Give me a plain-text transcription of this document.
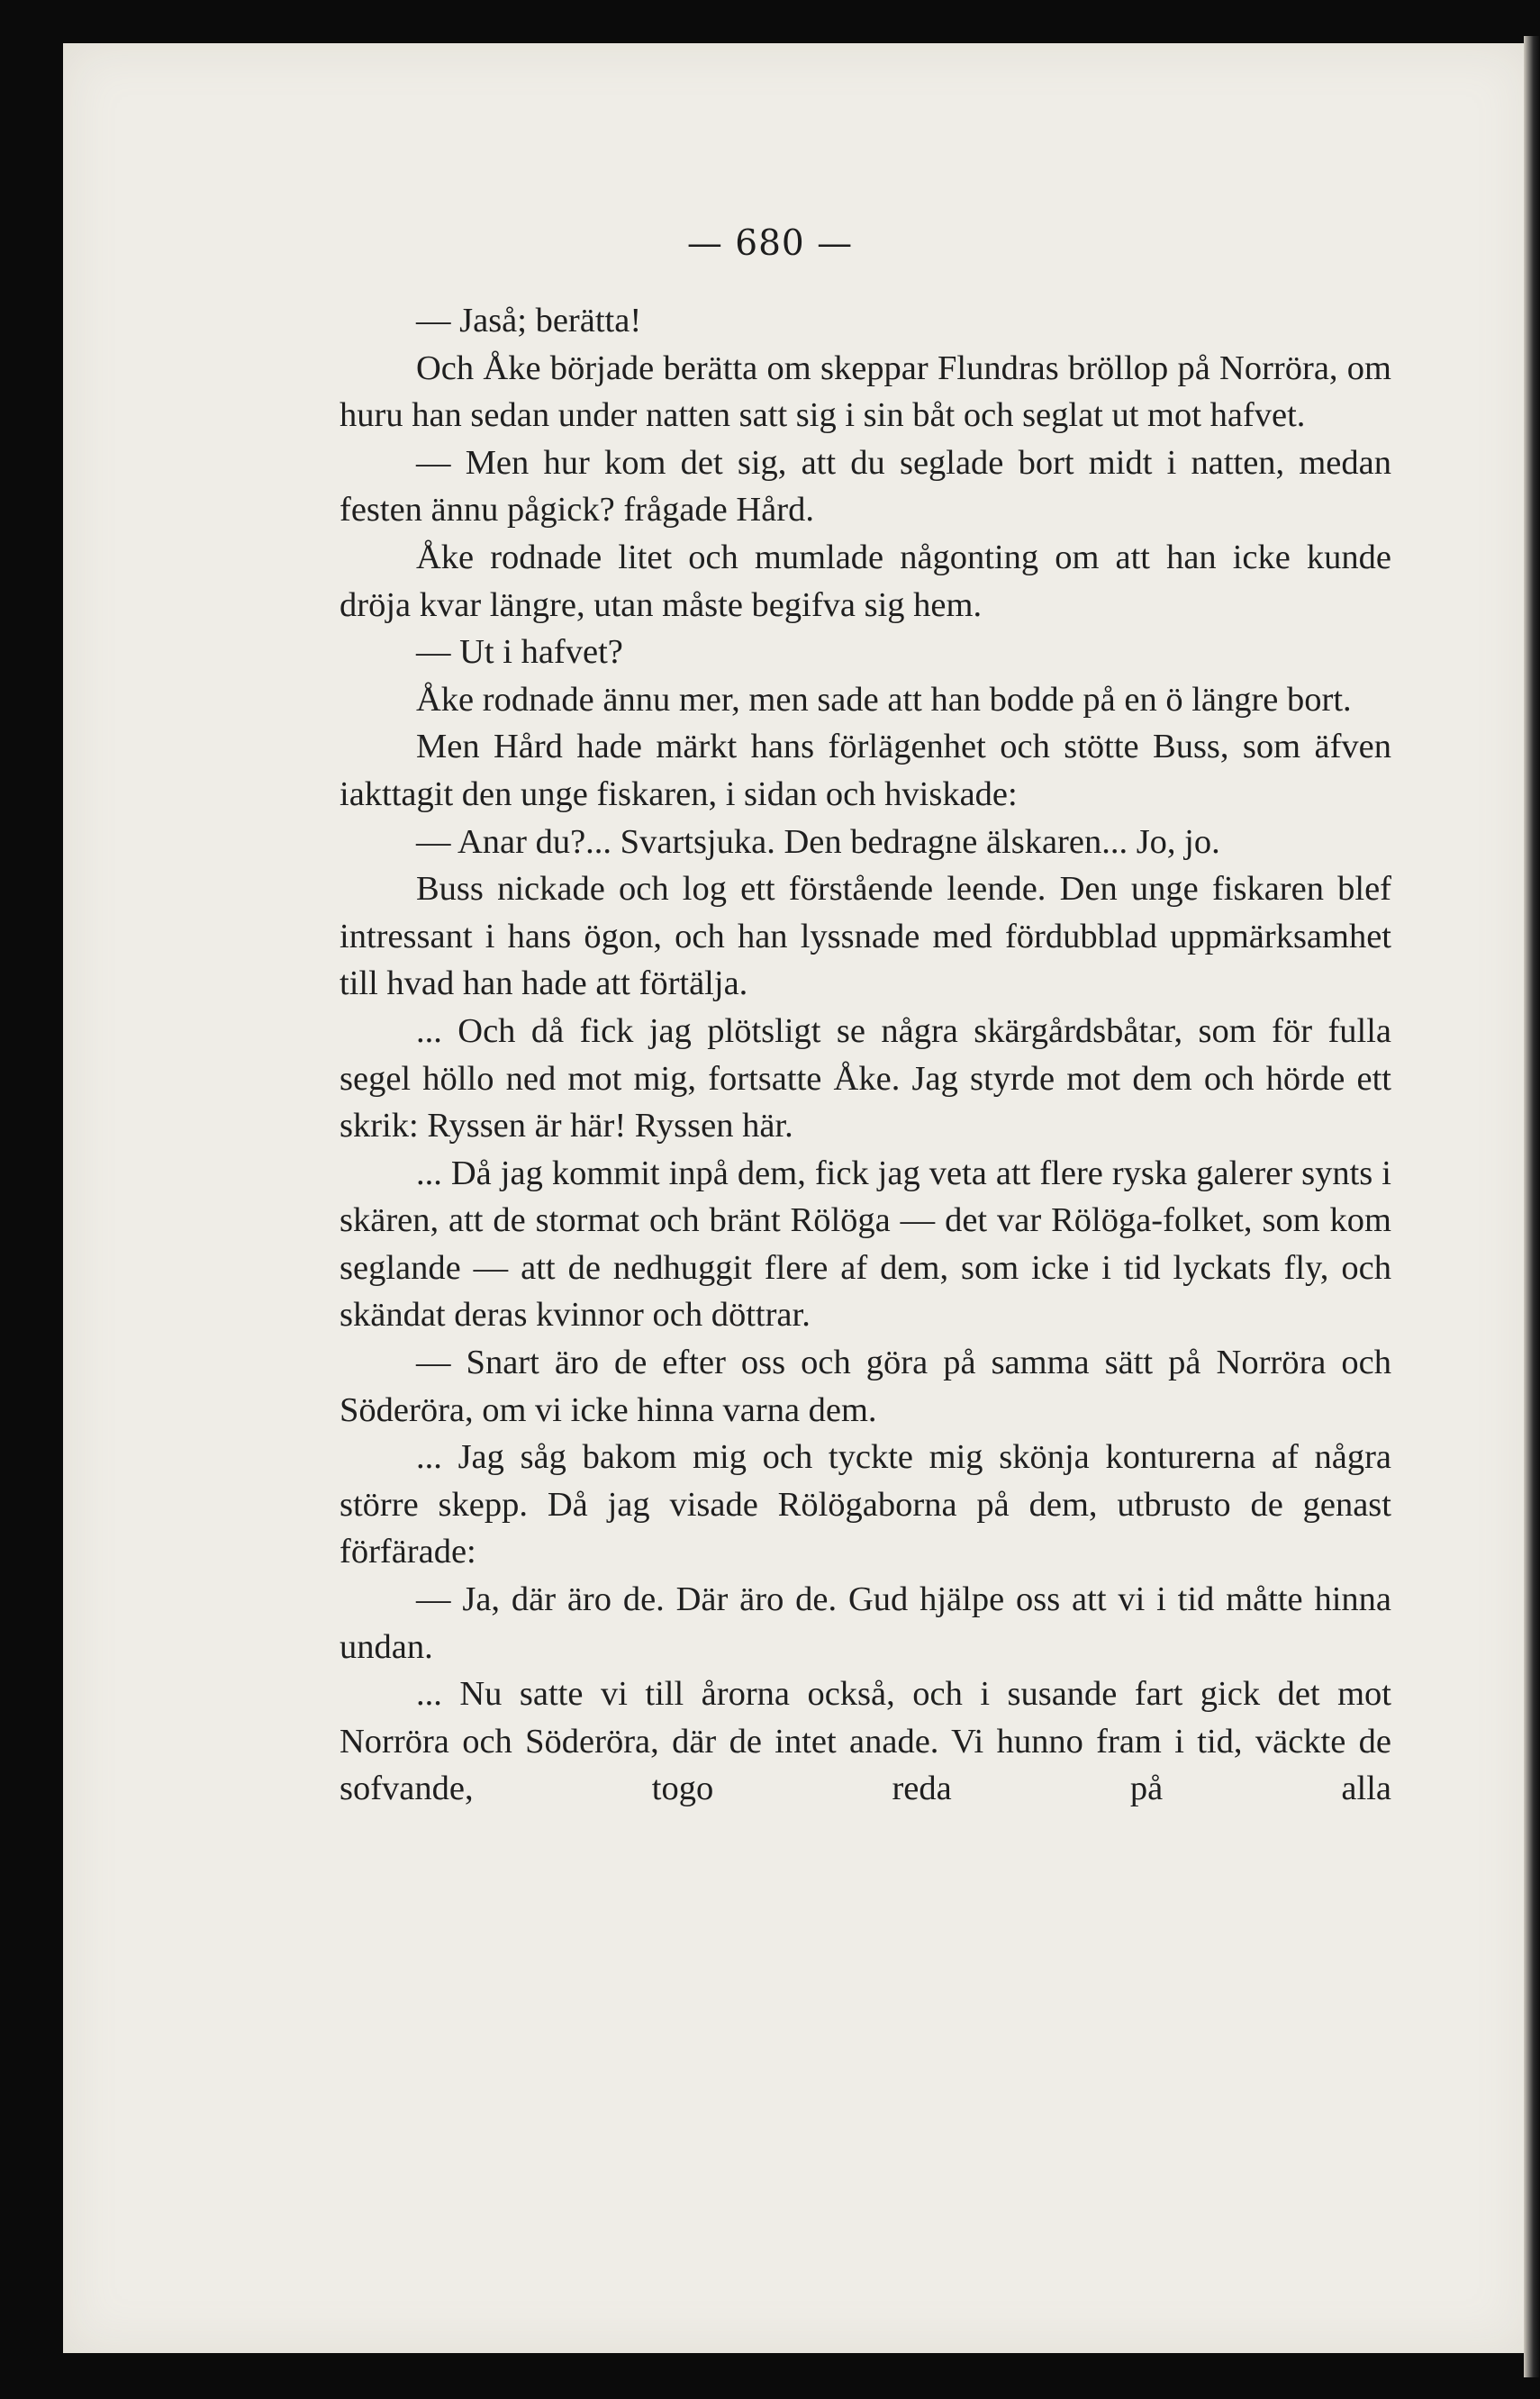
— 680 —

— Jaså; berätta!

Och Åke började berätta om skeppar Flundras bröllop på Norröra, om huru han sedan under natten satt sig i sin båt och seglat ut mot hafvet.

— Men hur kom det sig, att du seglade bort midt i natten, medan festen ännu pågick? frågade Hård.

Åke rodnade litet och mumlade någonting om att han icke kunde dröja kvar längre, utan måste begifva sig hem.

— Ut i hafvet?

Åke rodnade ännu mer, men sade att han bodde på en ö längre bort.

Men Hård hade märkt hans förlägenhet och stötte Buss, som äfven iakttagit den unge fiskaren, i sidan och hviskade:

— Anar du?... Svartsjuka. Den bedragne älskaren... Jo, jo.

Buss nickade och log ett förstående leende. Den unge fiskaren blef intressant i hans ögon, och han lyssnade med fördubblad uppmärksamhet till hvad han hade att förtälja.

... Och då fick jag plötsligt se några skärgårdsbåtar, som för fulla segel höllo ned mot mig, fortsatte Åke. Jag styrde mot dem och hörde ett skrik: Ryssen är här! Ryssen här.

... Då jag kommit inpå dem, fick jag veta att flere ryska galerer synts i skären, att de stormat och bränt Rölöga — det var Rölöga-folket, som kom seglande — att de nedhuggit flere af dem, som icke i tid lyckats fly, och skändat deras kvinnor och döttrar.

— Snart äro de efter oss och göra på samma sätt på Norröra och Söderöra, om vi icke hinna varna dem.

... Jag såg bakom mig och tyckte mig skönja konturerna af några större skepp. Då jag visade Rölögaborna på dem, utbrusto de genast förfärade:

— Ja, där äro de. Där äro de. Gud hjälpe oss att vi i tid måtte hinna undan.

... Nu satte vi till årorna också, och i susande fart gick det mot Norröra och Söderöra, där de intet anade. Vi hunno fram i tid, väckte de sofvande, togo reda på alla
